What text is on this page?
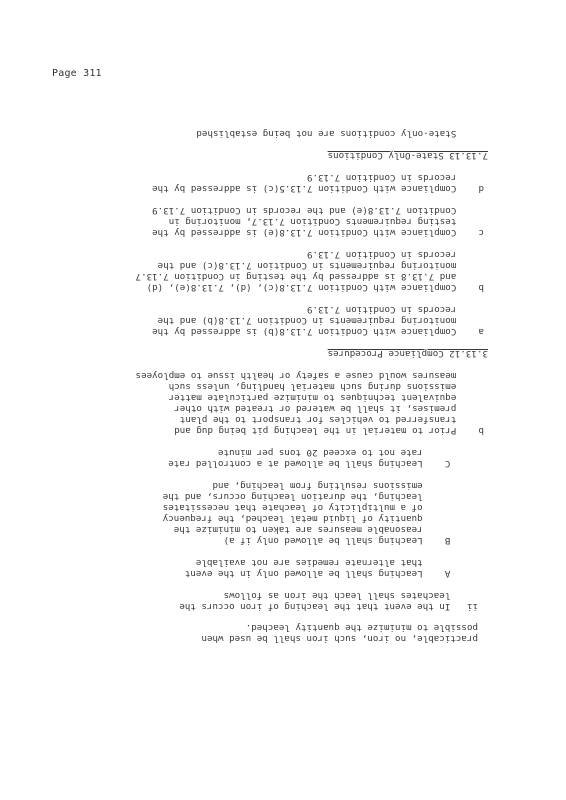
Page 311
practicable, no iron, such iron shall be used when
possible to minimize the quantity leached.
ii   In the event that the leaching of iron occurs the
leachates shall leach the iron as follows
A    Leaching shall be allowed only in the event
that alternate remedies are not available
B    Leaching shall be allowed only if a)
reasonable measures are taken to minimize the
quantity of liquid metal leached, the frequency
of a multiplicity of leachate that necessitates
leaching, the duration leaching occurs, and the
emissions resulting from leaching, and
C    Leaching shall be allowed at a controlled rate
rate not to exceed 20 tons per minute
b    Prior to material in the leaching pit being dug and
transferred to vehicles for transport to the plant
premises, it shall be watered or treated with other
equivalent techniques to minimize particulate matter
emissions during such material handling, unless such
measures would cause a safety or health issue to employees
3.13.12 Compliance Procedures
a    Compliance with Condition 7.13.8(b) is addressed by the
monitoring requirements in Condition 7.13.8(b) and the
records in Condition 7.13.9
b    Compliance with Condition 7.13.8(c), (d), 7.13.8(e), (d)
and 7.13.8 is addressed by the testing in Condition 7.13.7
monitoring requirements in Condition 7.13.8(c) and the
records in Condition 7.13.9
c    Compliance with Condition 7.13.8(e) is addressed by the
testing requirements Condition 7.13.7, monitoring in
Condition 7.13.8(e) and the records in Condition 7.13.9
d    Compliance with Condition 7.13.5(c) is addressed by the
records in Condition 7.13.9
7.13.13 State-Only Conditions
State-only conditions are not being established
